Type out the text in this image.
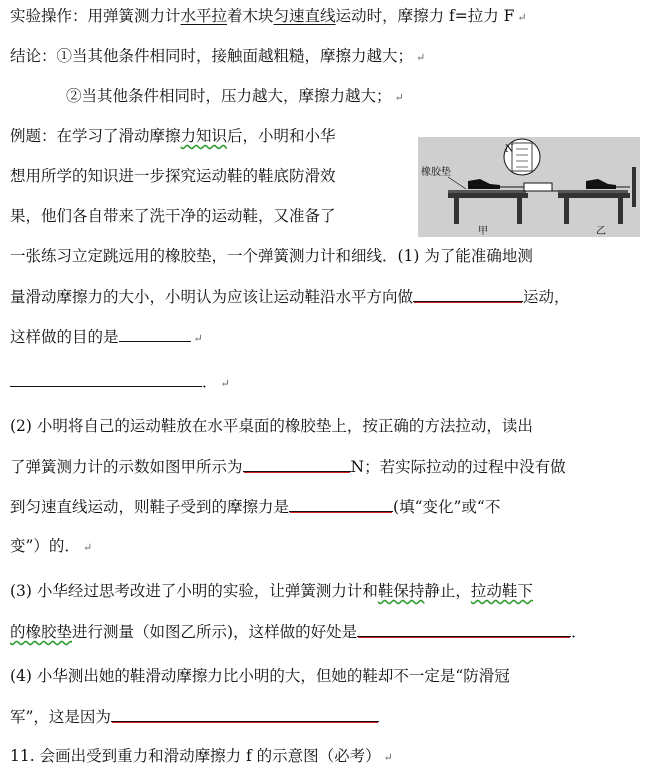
实验操作：用弹簧测力计水平拉着木块匀速直线运动时，摩擦力 f=拉力 F ↵
结论：①当其他条件相同时，接触面越粗糙，摩擦力越大； ↵
②当其他条件相同时，压力越大，摩擦力越大； ↵
例题：在学习了滑动摩擦力知识后，小明和小华
想用所学的知识进一步探究运动鞋的鞋底防滑效
果，他们各自带来了洗干净的运动鞋，又准备了
N
橡胶垫
甲	乙
一张练习立定跳远用的橡胶垫，一个弹簧测力计和细线．(1) 为了能准确地测
量滑动摩擦力的大小，小明认为应该让运动鞋沿水平方向做	运动，
这样做的目的是	↵
． ↵
(2) 小明将自己的运动鞋放在水平桌面的橡胶垫上，按正确的方法拉动，读出
了弹簧测力计的示数如图甲所示为	N；若实际拉动的过程中没有做
到匀速直线运动，则鞋子受到的摩擦力是	(填“变化”或“不
变”）的． ↵
(3) 小华经过思考改进了小明的实验，让弹簧测力计和鞋保持静止，拉动鞋下
的橡胶垫进行测量（如图乙所示)，这样做的好处是	．
(4) 小华测出她的鞋滑动摩擦力比小明的大，但她的鞋却不一定是“防滑冠
军”，这是因为
11. 会画出受到重力和滑动摩擦力 f 的示意图（必考） ↵
